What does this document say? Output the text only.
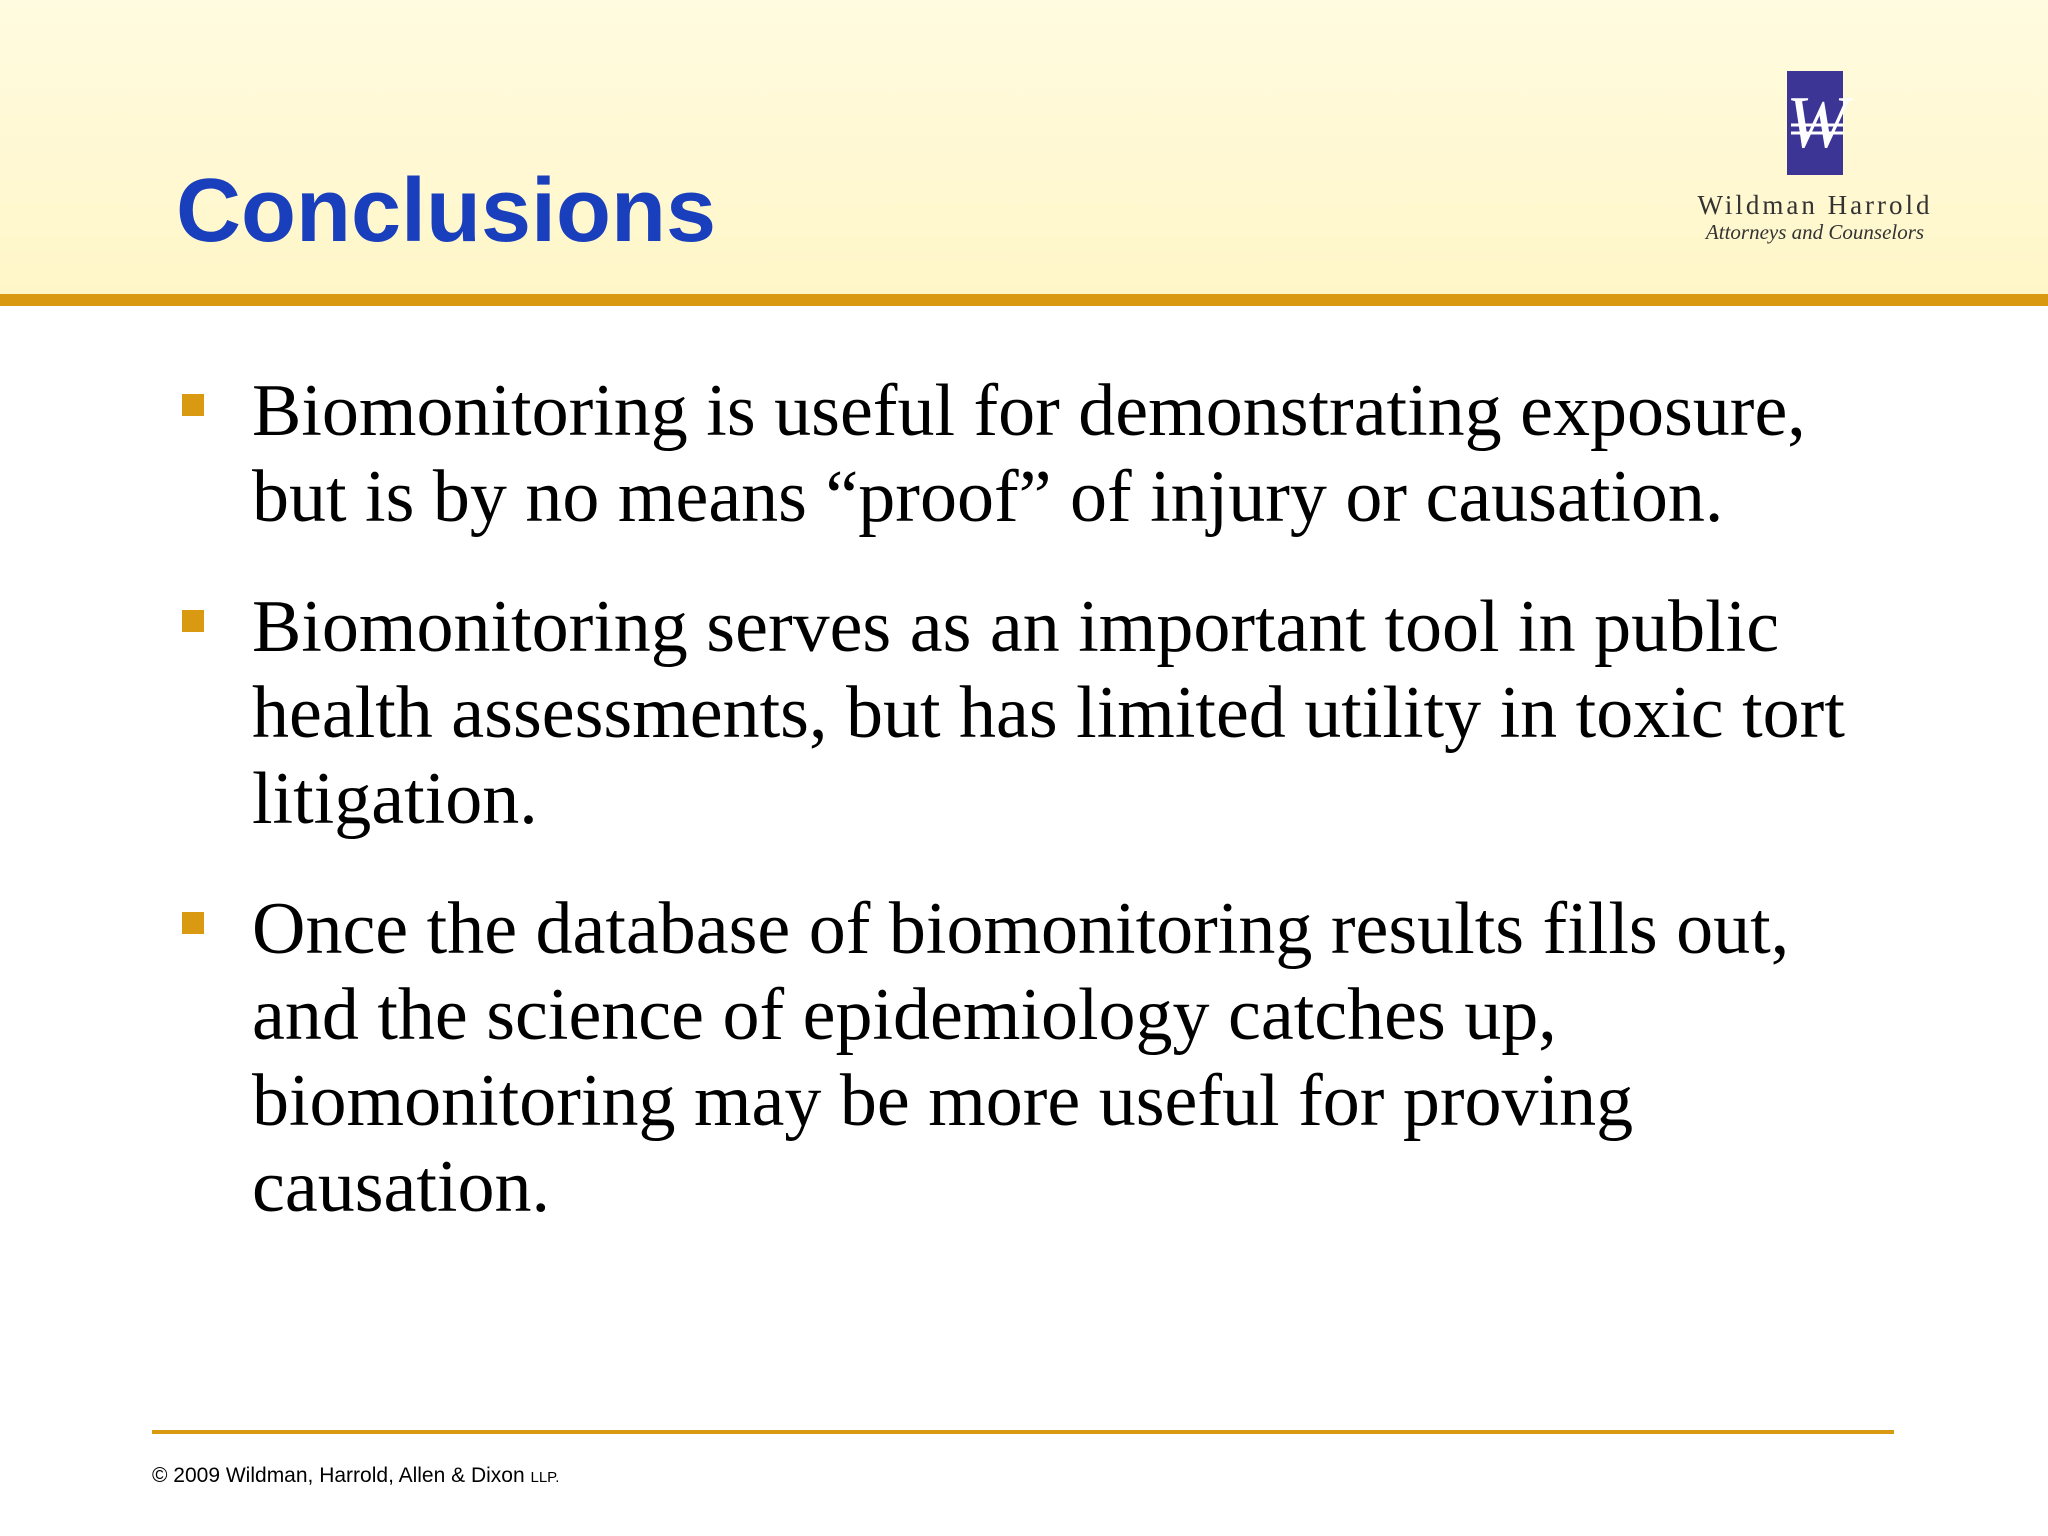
Conclusions
W
Wildman Harrold
Attorneys and Counselors
Biomonitoring is useful for demonstrating exposure, but is by no means “proof” of injury or causation.
Biomonitoring serves as an important tool in public health assessments, but has limited utility in toxic tort litigation.
Once the database of biomonitoring results fills out, and the science of epidemiology catches up, biomonitoring may be more useful for proving causation.
© 2009 Wildman, Harrold, Allen & Dixon LLP.
